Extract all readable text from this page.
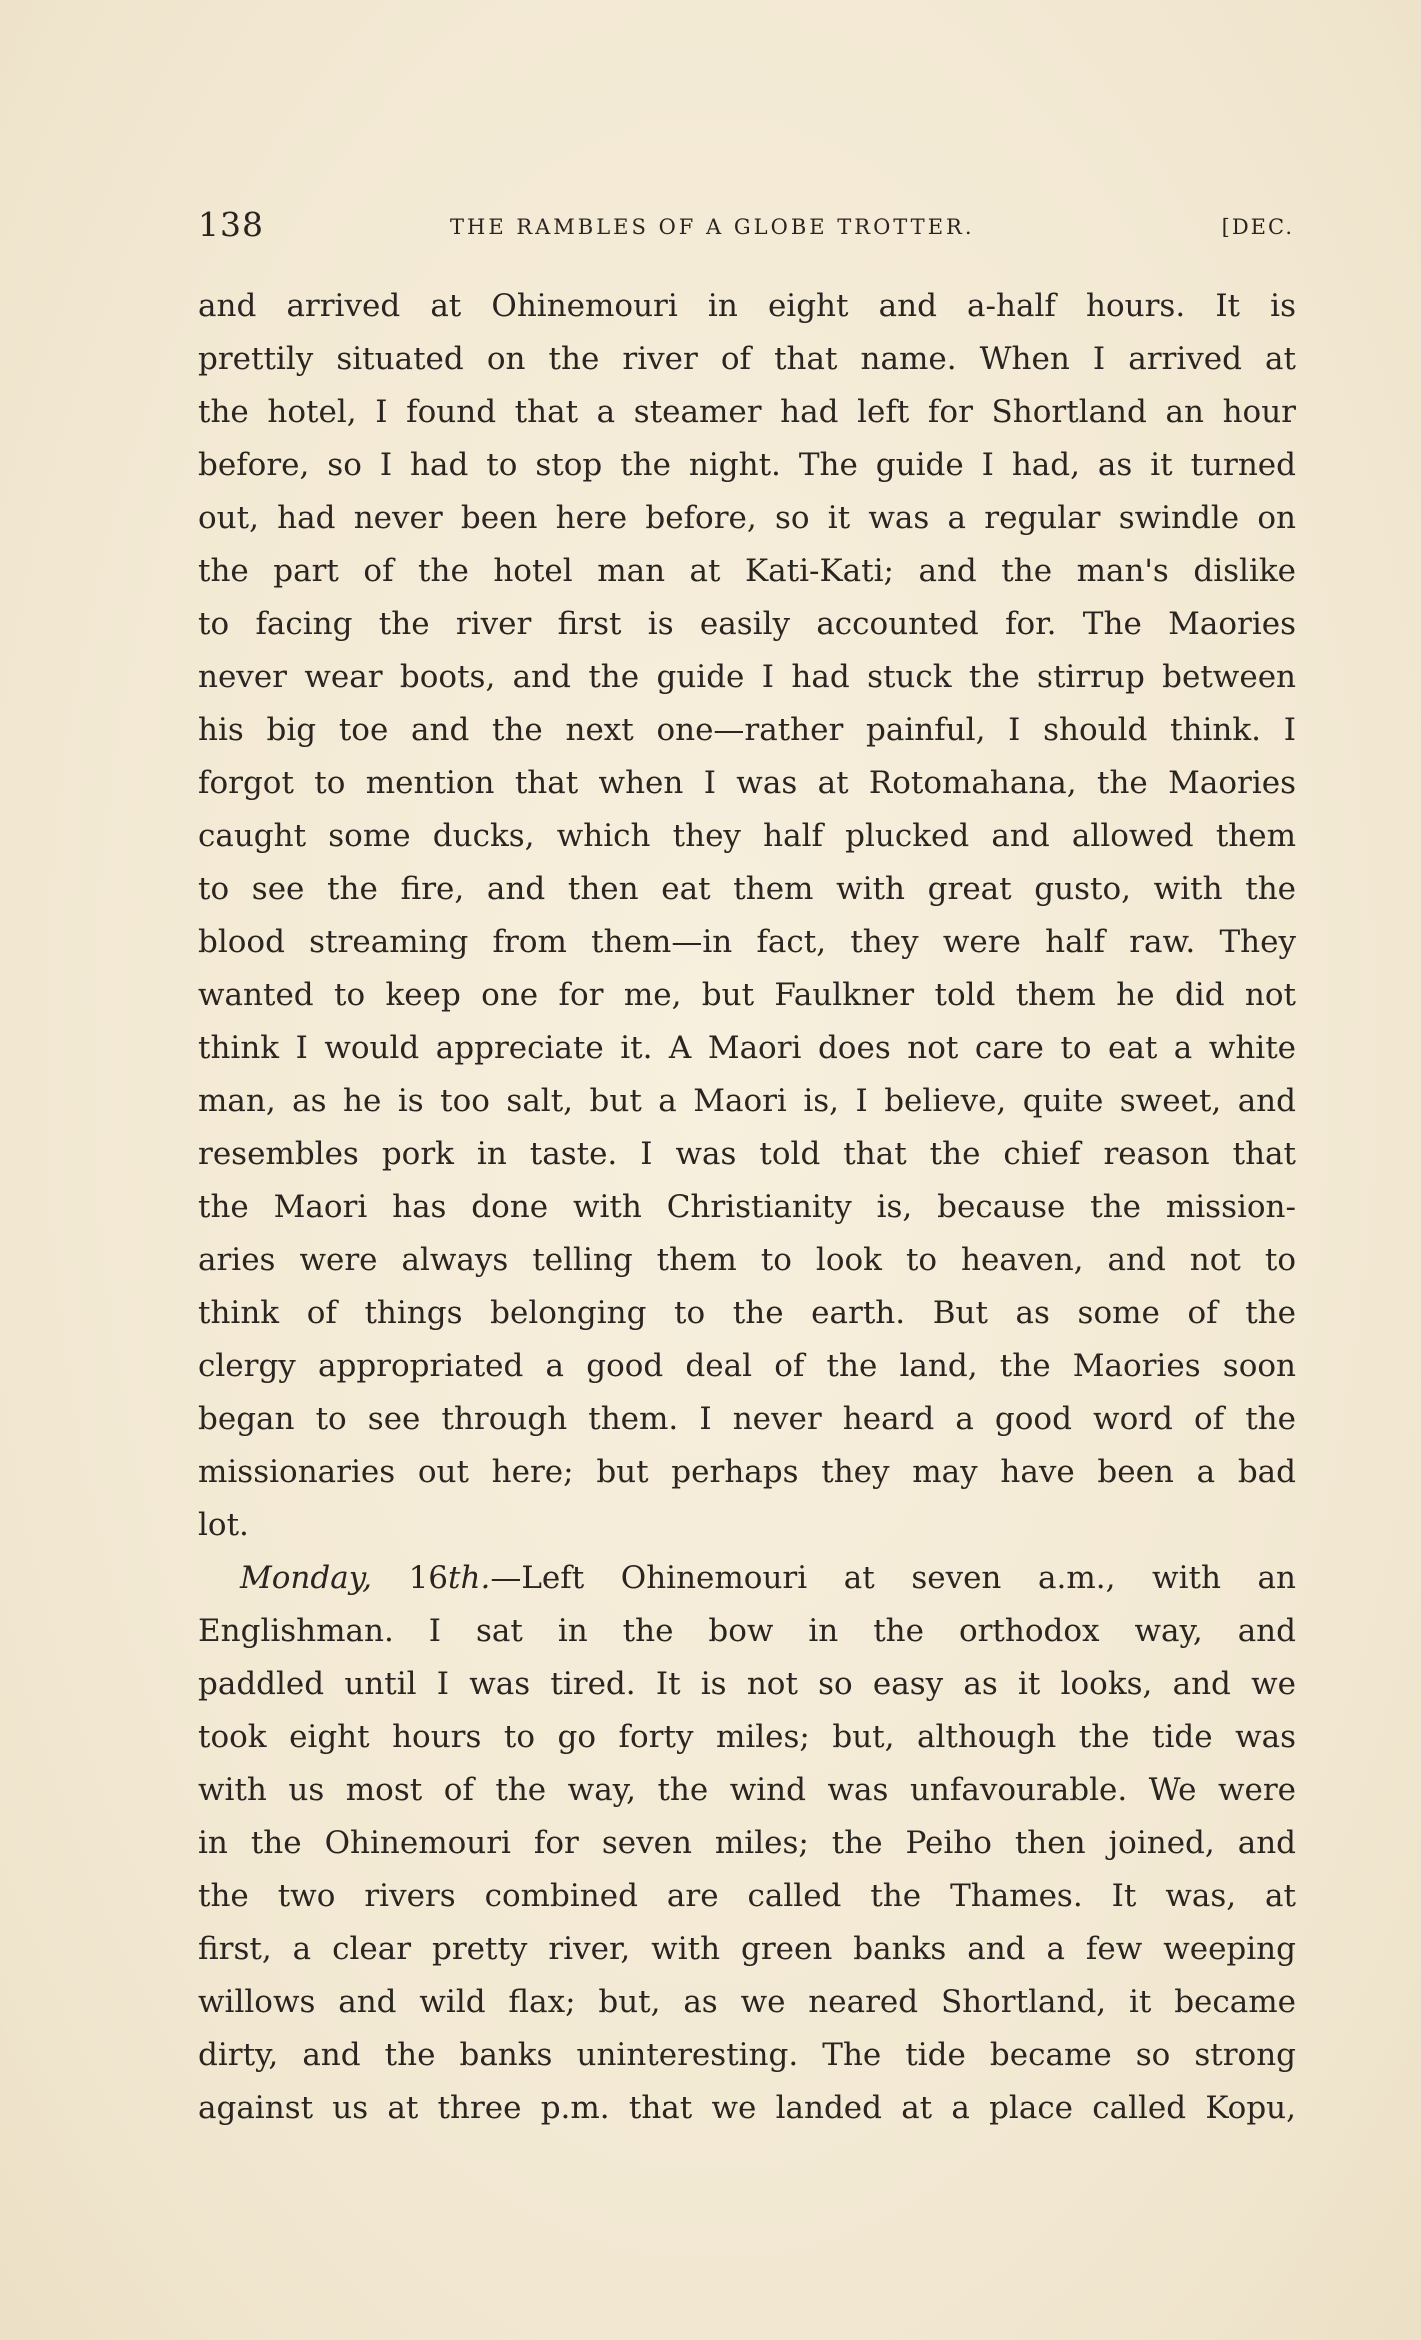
138	THE RAMBLES OF A GLOBE TROTTER.	[DEC.
and arrived at Ohinemouri in eight and a-half hours. It is
prettily situated on the river of that name. When I arrived at
the hotel, I found that a steamer had left for Shortland an hour
before, so I had to stop the night. The guide I had, as it turned
out, had never been here before, so it was a regular swindle on
the part of the hotel man at Kati-Kati; and the man's dislike
to facing the river first is easily accounted for. The Maories
never wear boots, and the guide I had stuck the stirrup between
his big toe and the next one—rather painful, I should think. I
forgot to mention that when I was at Rotomahana, the Maories
caught some ducks, which they half plucked and allowed them
to see the fire, and then eat them with great gusto, with the
blood streaming from them—in fact, they were half raw. They
wanted to keep one for me, but Faulkner told them he did not
think I would appreciate it. A Maori does not care to eat a white
man, as he is too salt, but a Maori is, I believe, quite sweet, and
resembles pork in taste. I was told that the chief reason that
the Maori has done with Christianity is, because the mission-
aries were always telling them to look to heaven, and not to
think of things belonging to the earth. But as some of the
clergy appropriated a good deal of the land, the Maories soon
began to see through them. I never heard a good word of the
missionaries out here; but perhaps they may have been a bad
lot.
Monday, 16th.—Left Ohinemouri at seven a.m., with an
Englishman. I sat in the bow in the orthodox way, and
paddled until I was tired. It is not so easy as it looks, and we
took eight hours to go forty miles; but, although the tide was
with us most of the way, the wind was unfavourable. We were
in the Ohinemouri for seven miles; the Peiho then joined, and
the two rivers combined are called the Thames. It was, at
first, a clear pretty river, with green banks and a few weeping
willows and wild flax; but, as we neared Shortland, it became
dirty, and the banks uninteresting. The tide became so strong
against us at three p.m. that we landed at a place called Kopu,
